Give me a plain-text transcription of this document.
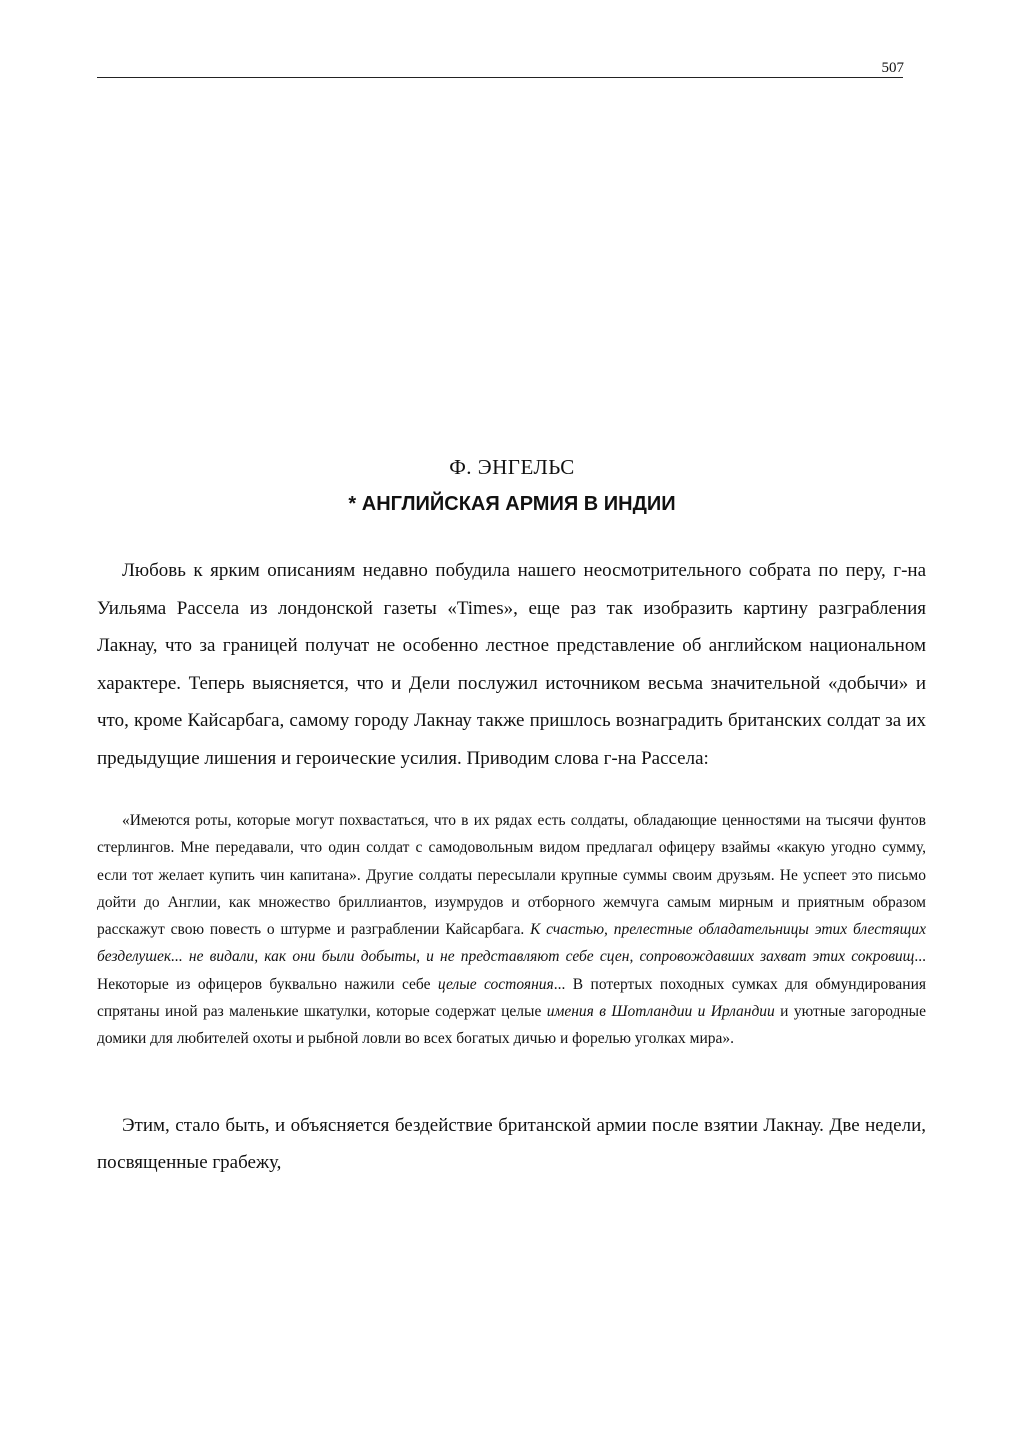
507
Ф. ЭНГЕЛЬС
* АНГЛИЙСКАЯ АРМИЯ В ИНДИИ

Любовь к ярким описаниям недавно побудила нашего неосмотрительного собрата по перу, г-на Уильяма Рассела из лондонской газеты «Times», еще раз так изобразить картину разграбления Лакнау, что за границей получат не особенно лестное представление об английском национальном характере. Теперь выясняется, что и Дели послужил источником весьма значительной «добычи» и что, кроме Кайсарбага, самому городу Лакнау также пришлось вознаградить британских солдат за их предыдущие лишения и героические усилия. Приводим слова г-на Рассела:

«Имеются роты, которые могут похвастаться, что в их рядах есть солдаты, обладающие ценностями на тысячи фунтов стерлингов. Мне передавали, что один солдат с самодовольным видом предлагал офицеру взаймы «какую угодно сумму, если тот желает купить чин капитана». Другие солдаты пересылали крупные суммы своим друзьям. Не успеет это письмо дойти до Англии, как множество бриллиантов, изумрудов и отборного жемчуга самым мирным и приятным образом расскажут свою повесть о штурме и разграблении Кайсарбага. К счастью, прелестные обладательницы этих блестящих безделушек... не видали, как они были добыты, и не представляют себе сцен, сопровождавших захват этих сокровищ... Некоторые из офицеров буквально нажили себе целые состояния... В потертых походных сумках для обмундирования спрятаны иной раз маленькие шкатулки, которые содержат целые имения в Шотландии и Ирландии и уютные загородные домики для любителей охоты и рыбной ловли во всех богатых дичью и форелью уголках мира».

Этим, стало быть, и объясняется бездействие британской армии после взятии Лакнау. Две недели, посвященные грабежу,
